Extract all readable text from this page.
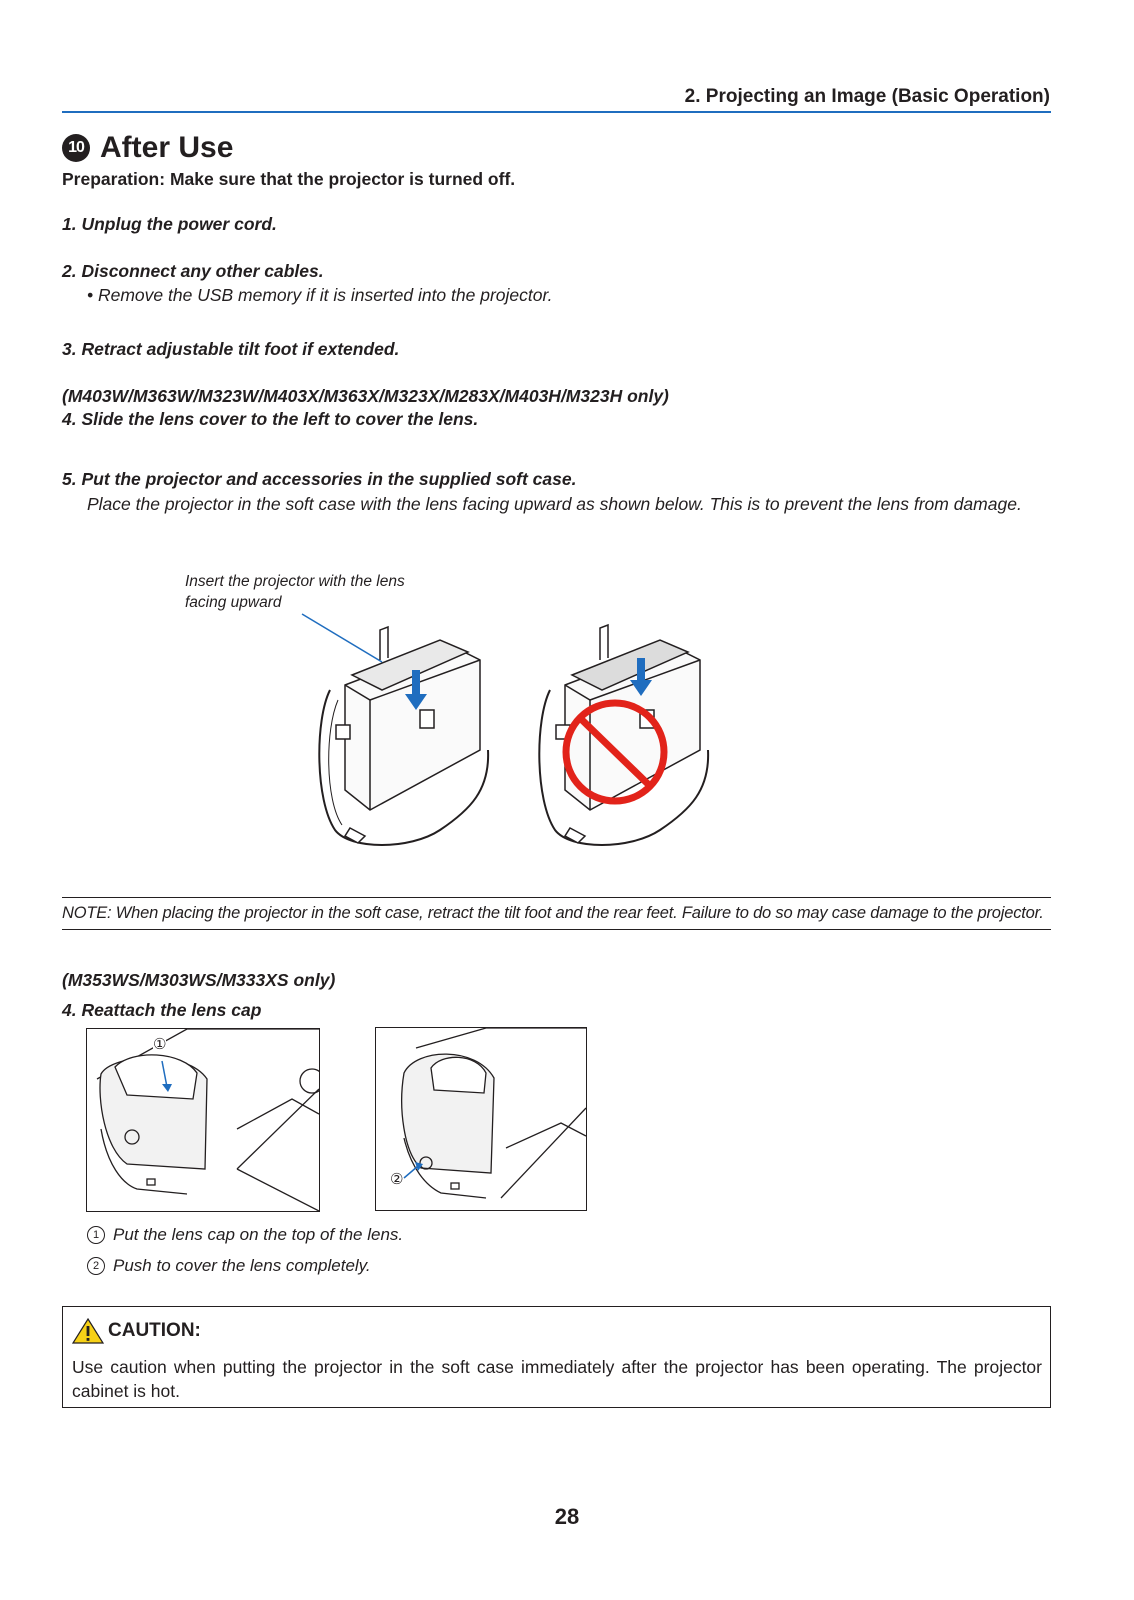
2. Projecting an Image (Basic Operation)
10 After Use
Preparation: Make sure that the projector is turned off.
1. Unplug the power cord.
2. Disconnect any other cables.
• Remove the USB memory if it is inserted into the projector.
3. Retract adjustable tilt foot if extended.
(M403W/M363W/M323W/M403X/M363X/M323X/M283X/M403H/M323H only)
4. Slide the lens cover to the left to cover the lens.
5. Put the projector and accessories in the supplied soft case.
Place the projector in the soft case with the lens facing upward as shown below. This is to prevent the lens from damage.
Insert the projector with the lens
facing upward
NOTE: When placing the projector in the soft case, retract the tilt foot and the rear feet. Failure to do so may case damage to the projector.
(M353WS/M303WS/M333XS only)
4. Reattach the lens cap
①
②
1 Put the lens cap on the top of the lens.
2 Push to cover the lens completely.
CAUTION:
Use caution when putting the projector in the soft case immediately after the projector has been operating. The projector cabinet is hot.
28
